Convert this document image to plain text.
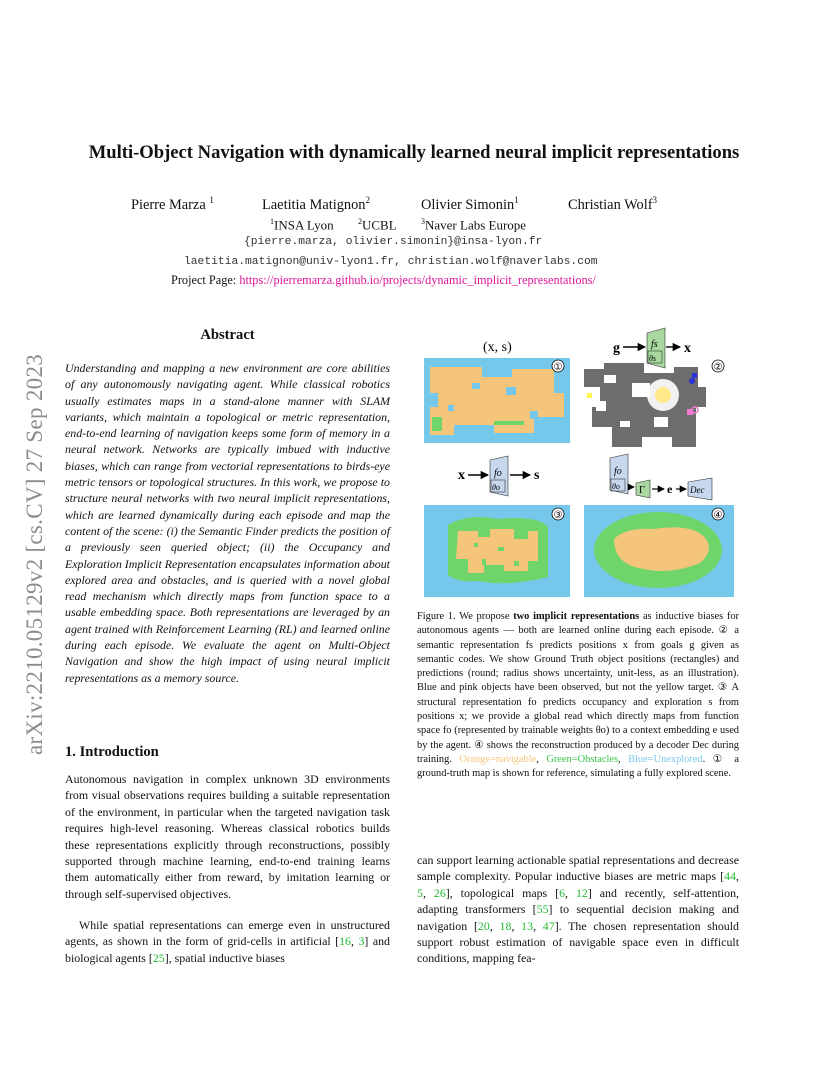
arXiv:2210.05129v2 [cs.CV] 27 Sep 2023
Multi-Object Navigation with dynamically learned neural implicit representations
Pierre Marza $^1$	Laetitia Matignon$^2$	Olivier Simonin$^1$	Christian Wolf$^3$
$^1$INSA Lyon	$^2$UCBL	$^3$Naver Labs Europe
{pierre.marza, olivier.simonin}@insa-lyon.fr
laetitia.matignon@univ-lyon1.fr, christian.wolf@naverlabs.com
Project Page: https://pierremarza.github.io/projects/dynamic_implicit_representations/
Abstract
Understanding and mapping a new environment are core abilities of any autonomously navigating agent. While classical robotics usually estimates maps in a stand-alone manner with SLAM variants, which maintain a topological or metric representation, end-to-end learning of navigation keeps some form of memory in a neural network. Networks are typically imbued with inductive biases, which can range from vectorial representations to birds-eye metric tensors or topological structures. In this work, we propose to structure neural networks with two neural implicit representations, which are learned dynamically during each episode and map the content of the scene: (i) the Semantic Finder predicts the position of a previously seen queried object; (ii) the Occupancy and Exploration Implicit Representation encapsulates information about explored area and obstacles, and is queried with a novel global read mechanism which directly maps from function space to a usable embedding space. Both representations are leveraged by an agent trained with Reinforcement Learning (RL) and learned online during each episode. We evaluate the agent on Multi-Object Navigation and show the high impact of using neural implicit representations as a memory source.
1. Introduction
Autonomous navigation in complex unknown 3D environments from visual observations requires building a suitable representation of the environment, in particular when the targeted navigation task requires high-level reasoning. Whereas classical robotics builds these representations explicitly through reconstructions, possibly supported through machine learning, end-to-end training learns them automatically either from reward, by imitation learning or through self-supervised objectives.
While spatial representations can emerge even in unstructured agents, as shown in the form of grid-cells in artificial [16, 3] and biological agents [25], spatial inductive biases
can support learning actionable spatial representations and decrease sample complexity. Popular inductive biases are metric maps [44, 5, 26], topological maps [6, 12] and recently, self-attention, adapting transformers [55] to sequential decision making and navigation [20, 18, 13, 47]. The chosen representation should support robust estimation of navigable space even in difficult conditions, mapping fea-
(x, s)
①
g	fs
θs
x
②
x	fo
θo
s	fo
θo Γ e Dec
③	④
Figure 1. We propose two implicit representations as inductive biases for autonomous agents — both are learned online during each episode. ② a semantic representation fs predicts positions x from goals g given as semantic codes. We show Ground Truth object positions (rectangles) and predictions (round; radius shows uncertainty, unit-less, as an illustration). Blue and pink objects have been observed, but not the yellow target. ③ A structural representation fo predicts occupancy and exploration s from positions x; we provide a global read which directly maps from function space fo (represented by trainable weights θo) to a context embedding e used by the agent. ④ shows the reconstruction produced by a decoder Dec during training. Orange=navigable, Green=Obstacles, Blue=Unexplored. ① a ground-truth map is shown for reference, simulating a fully explored scene.
